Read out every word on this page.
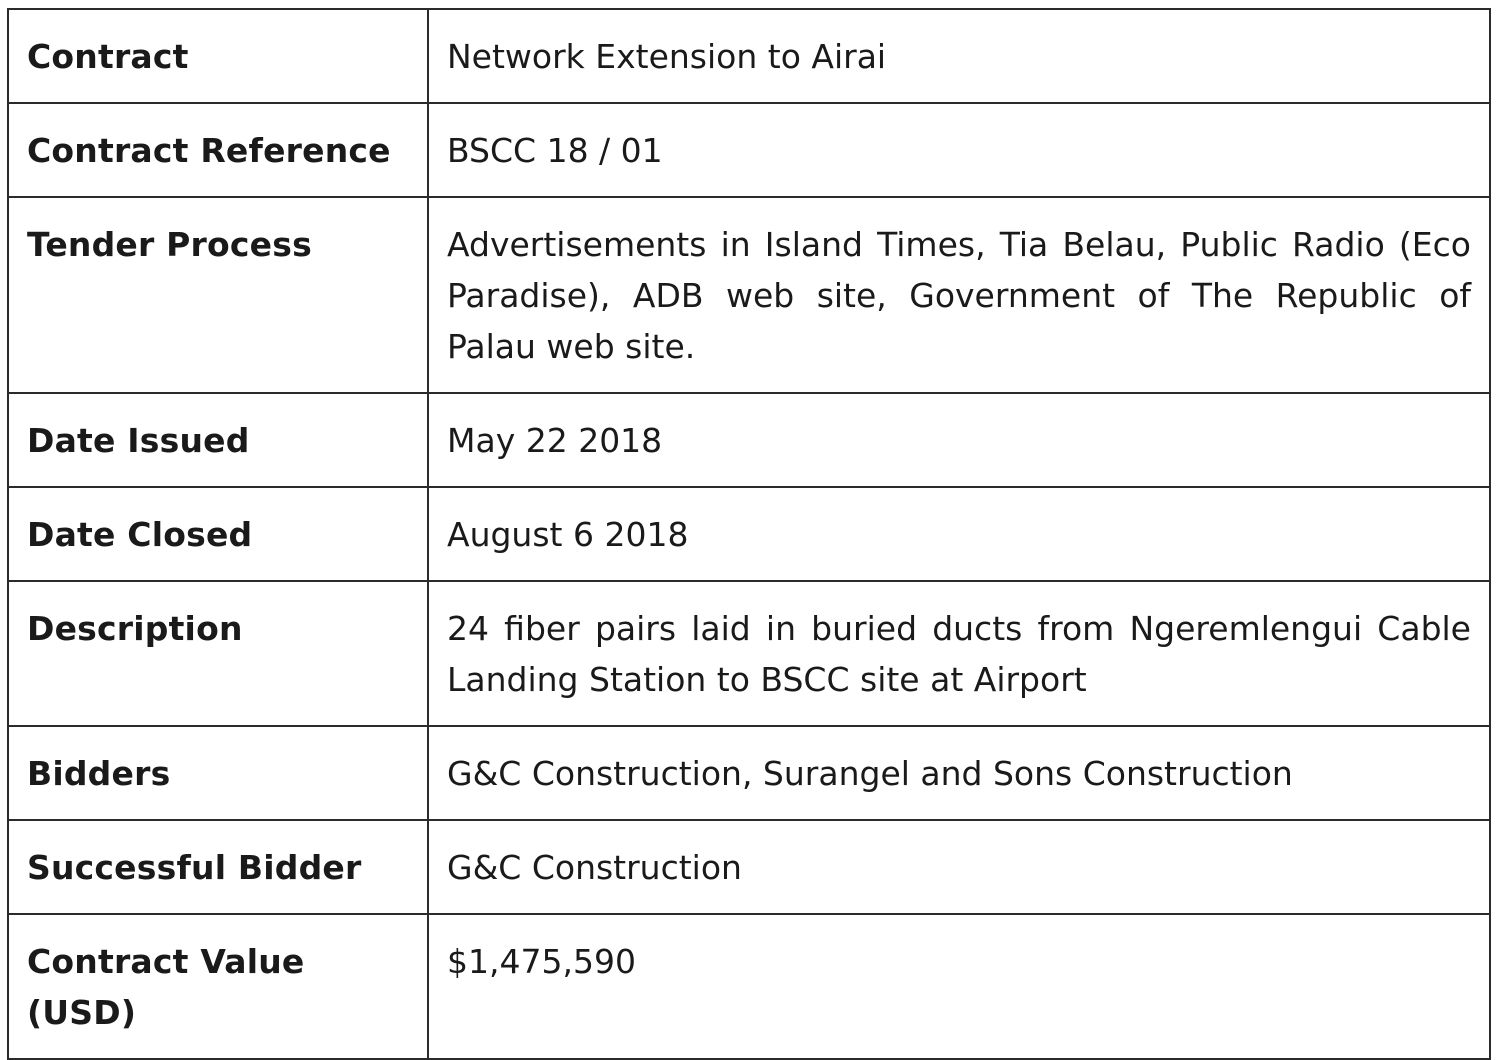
Contract	Network Extension to Airai
Contract Reference	BSCC 18 / 01
Tender Process	Advertisements in Island Times, Tia Belau, Public Radio (Eco Paradise), ADB web site, Government of The Republic of Palau web site.
Date Issued	May 22 2018
Date Closed	August 6 2018
Description	24 fiber pairs laid in buried ducts from Ngeremlengui Cable Landing Station to BSCC site at Airport
Bidders	G&C Construction, Surangel and Sons Construction
Successful Bidder	G&C Construction
Contract Value (USD)	$1,475,590
